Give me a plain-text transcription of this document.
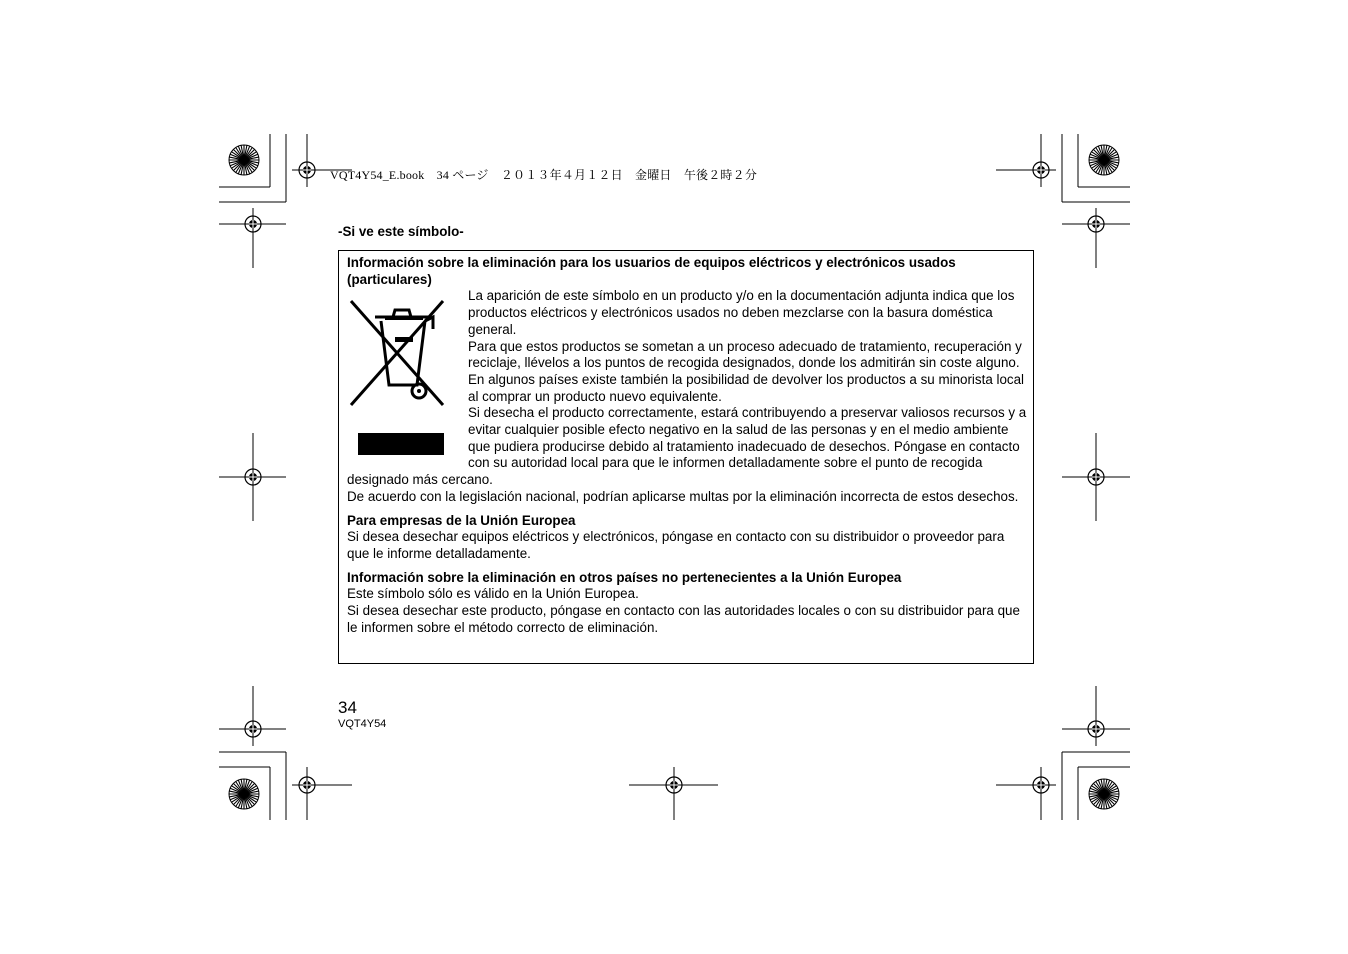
VQT4Y54_E.book　34 ページ　２０１３年４月１２日　金曜日　午後２時２分
-Si ve este símbolo-
Información sobre la eliminación para los usuarios de equipos eléctricos y electrónicos usados (particulares)

La aparición de este símbolo en un producto y/o en la documentación adjunta indica que los productos eléctricos y electrónicos usados no deben mezclarse con la basura doméstica general.

Para que estos productos se sometan a un proceso adecuado de tratamiento, recuperación y reciclaje, llévelos a los puntos de recogida designados, donde los admitirán sin coste alguno. En algunos países existe también la posibilidad de devolver los productos a su minorista local al comprar un producto nuevo equivalente.

Si desecha el producto correctamente, estará contribuyendo a preservar valiosos recursos y a evitar cualquier posible efecto negativo en la salud de las personas y en el medio ambiente que pudiera producirse debido al tratamiento inadecuado de desechos. Póngase en contacto con su autoridad local para que le informen detalladamente sobre el punto de recogida designado más cercano.

De acuerdo con la legislación nacional, podrían aplicarse multas por la eliminación incorrecta de estos desechos.

Para empresas de la Unión Europea

Si desea desechar equipos eléctricos y electrónicos, póngase en contacto con su distribuidor o proveedor para que le informe detalladamente.

Información sobre la eliminación en otros países no pertenecientes a la Unión Europea

Este símbolo sólo es válido en la Unión Europea.

Si desea desechar este producto, póngase en contacto con las autoridades locales o con su distribuidor para que le informen sobre el método correcto de eliminación.

34
VQT4Y54
